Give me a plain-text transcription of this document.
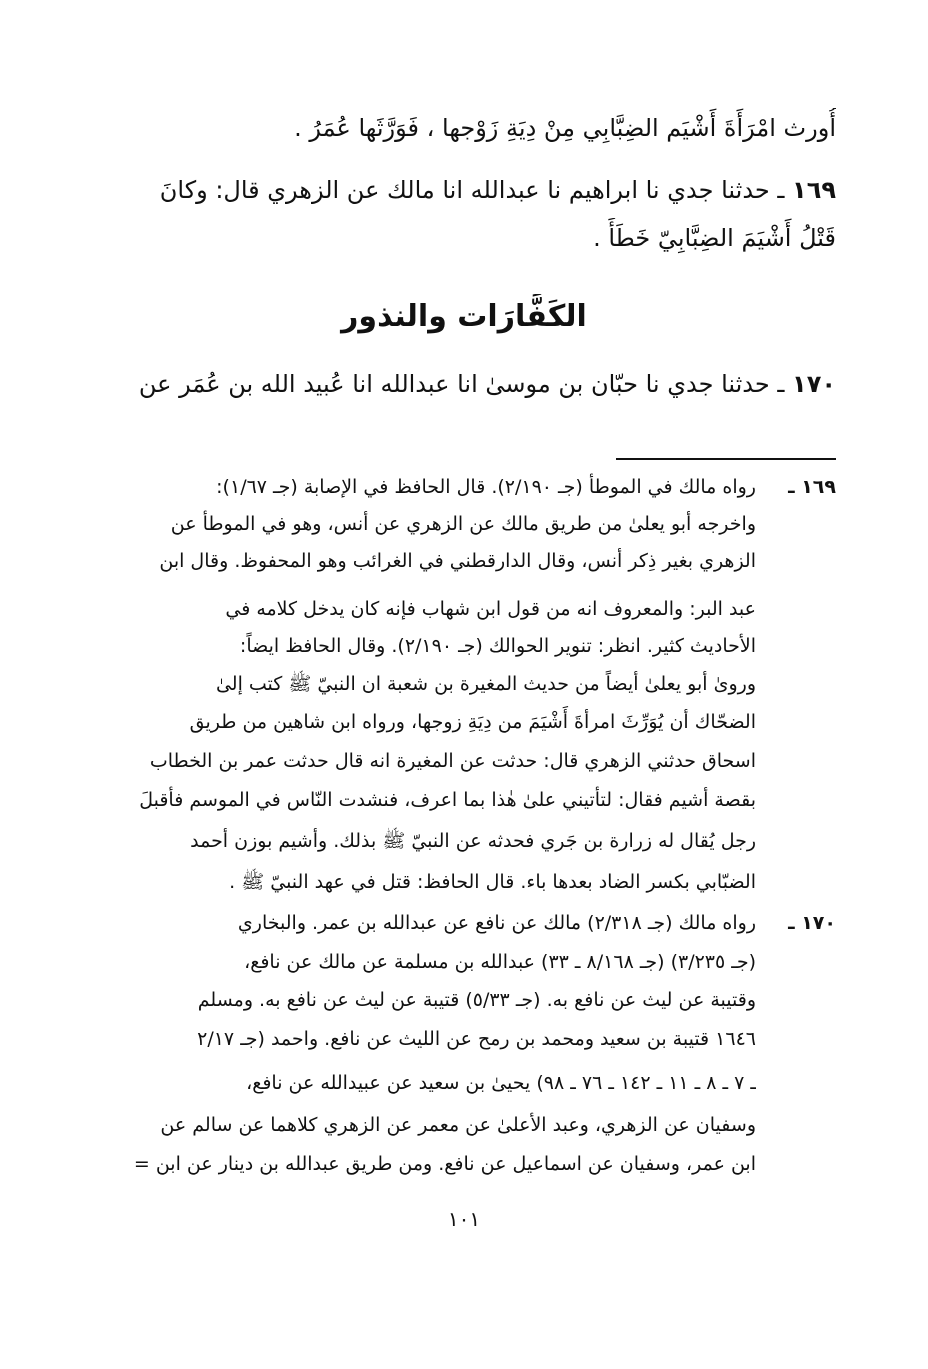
أُورث امْرَأَةَ أَشْيَم الضِبَّابِي مِنْ دِيَةِ زَوْجها ، فَوَرَّثَها عُمَرُ .
١٦٩ ـ حدثنا جدي نا ابراهيم نا عبدالله انا مالك عن الزهري قال: وكانَ
قَتْلُ أَشْيَمَ الضِبَّابِيّ خَطَأً .
الكَفَّارَات والنذور
١٧٠ ـ حدثنا جدي نا حبّان بن موسىٰ انا عبدالله انا عُبيد الله بن عُمَر عن
١٦٩ ـ
رواه مالك في الموطأ (جـ ٢/١٩٠). قال الحافظ في الإصابة (جـ ١/٦٧):
واخرجه أبو يعلىٰ من طريق مالك عن الزهري عن أنس، وهو في الموطأ عن
الزهري بغير ذِكر أنس، وقال الدارقطني في الغرائب وهو المحفوظ. وقال ابن
عبد البر: والمعروف انه من قول ابن شهاب فإنه كان يدخل كلامه في
الأحاديث كثير. انظر: تنوير الحوالك (جـ ٢/١٩٠). وقال الحافظ ايضاً:
ورویٰ أبو يعلىٰ أيضاً من حديث المغيرة بن شعبة ان النبيّ ﷺ كتب إلىٰ
الضحّاك أن يُوَرِّثَ امرأةَ أَشْيَمَ من دِيَةِ زوجها، ورواه ابن شاهين من طريق
اسحاق حدثني الزهري قال: حدثت عن المغيرة انه قال حدثت عمر بن الخطاب
بقصة أشيم فقال: لتأتيني علىٰ هٰذا بما اعرف، فنشدت النّاس في الموسم فأقبلَ
رجل يُقال له زرارة بن جَري فحدثه عن النبيّ ﷺ بذلك. وأشيم بوزن أحمد
الضبّابي بكسر الضاد بعدها باء. قال الحافظ: قتل في عهد النبيّ ﷺ .
١٧٠ ـ
رواه مالك (جـ ٢/٣١٨) مالك عن نافع عن عبدالله بن عمر. والبخاري
(جـ ٣/٢٣٥) (جـ ٨/١٦٨ ـ ٣٣) عبدالله بن مسلمة عن مالك عن نافع،
وقتيبة عن ليث عن نافع به. (جـ ٥/٣٣) قتيبة عن ليث عن نافع به. ومسلم
١٦٤٦ قتيبة بن سعيد ومحمد بن رمح عن الليث عن نافع. واحمد (جـ ٢/١٧
ـ ٧ ـ ٨ ـ ١١ ـ ١٤٢ ـ ٧٦ ـ ٩٨) يحيىٰ بن سعيد عن عبيدالله عن نافع،
وسفيان عن الزهري، وعبد الأعلىٰ عن معمر عن الزهري كلاهما عن سالم عن
ابن عمر، وسفيان عن اسماعيل عن نافع. ومن طريق عبدالله بن دينار عن ابن =
١٠١
